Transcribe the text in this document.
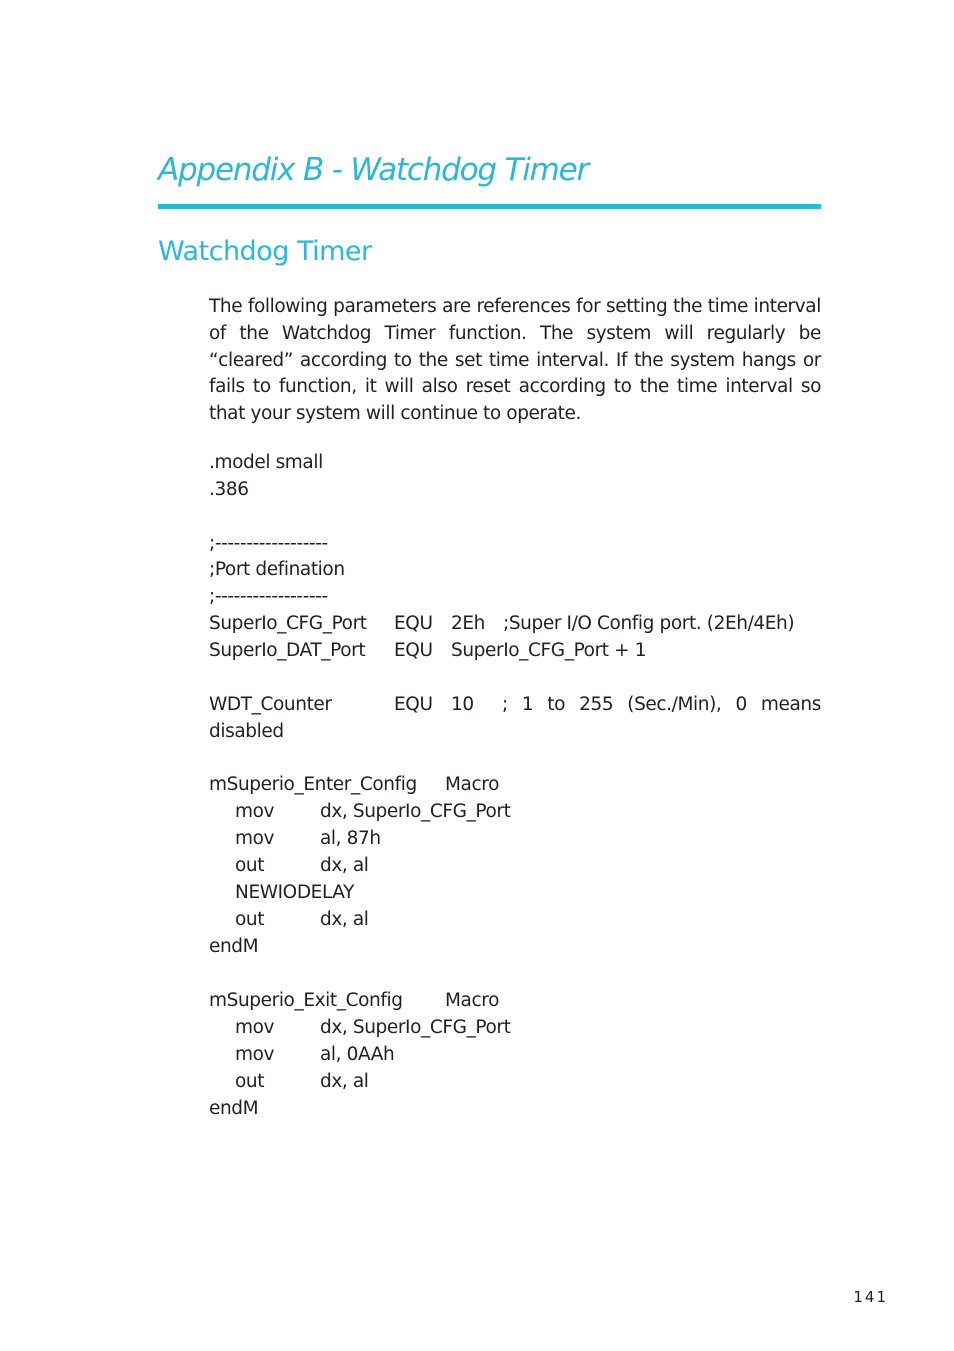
Appendix B - Watchdog Timer
Watchdog Timer

The following parameters are references for setting the time interval of the Watchdog Timer function. The system will regularly be “cleared” according to the set time interval. If the system hangs or fails to function, it will also reset according to the time interval so that your system will continue to operate.

.model small
.386
;------------------
;Port defination
;------------------
SuperIo_CFG_Port EQU 2Eh ;Super I/O Config port. (2Eh/4Eh)
SuperIo_DAT_Port EQU SuperIo_CFG_Port + 1
WDT_Counter	EQU 10 ; 1 to 255 (Sec./Min), 0 means
disabled
mSuperio_Enter_Config Macro
mov dx, SuperIo_CFG_Port
mov al, 87h
out	dx, al
NEWIODELAY
out	dx, al
endM
mSuperio_Exit_Config Macro
mov dx, SuperIo_CFG_Port
mov al, 0AAh
out	dx, al
endM
141
